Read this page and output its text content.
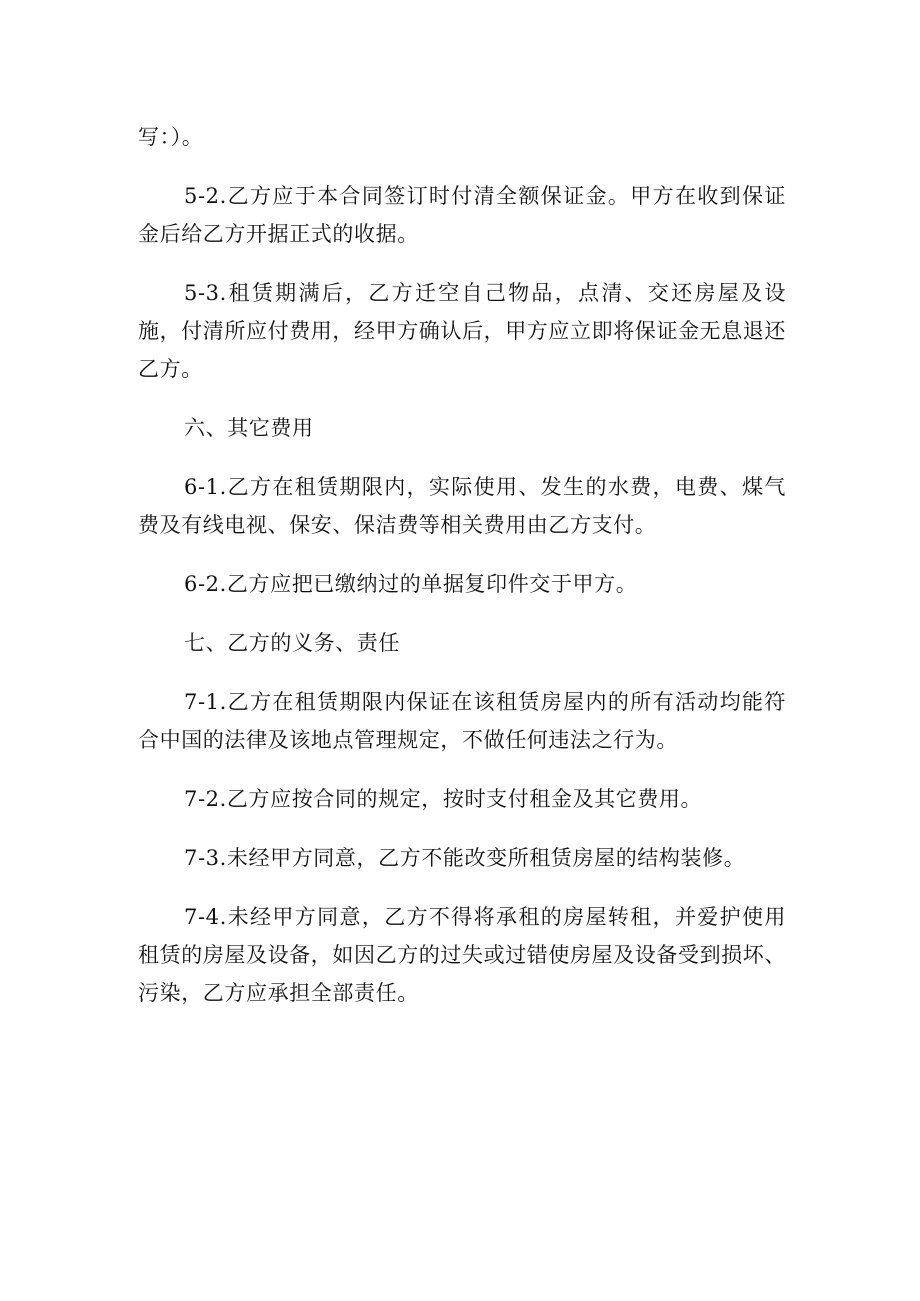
写：）。

5-2.乙方应于本合同签订时付清全额保证金。甲方在收到保证金后给乙方开据正式的收据。

5-3.租赁期满后，乙方迁空自己物品，点清、交还房屋及设施，付清所应付费用，经甲方确认后，甲方应立即将保证金无息退还乙方。

六、其它费用

6-1.乙方在租赁期限内，实际使用、发生的水费，电费、煤气费及有线电视、保安、保洁费等相关费用由乙方支付。

6-2.乙方应把已缴纳过的单据复印件交于甲方。

七、乙方的义务、责任

7-1.乙方在租赁期限内保证在该租赁房屋内的所有活动均能符合中国的法律及该地点管理规定，不做任何违法之行为。

7-2.乙方应按合同的规定，按时支付租金及其它费用。

7-3.未经甲方同意，乙方不能改变所租赁房屋的结构装修。

7-4.未经甲方同意，乙方不得将承租的房屋转租，并爱护使用租赁的房屋及设备，如因乙方的过失或过错使房屋及设备受到损坏、污染，乙方应承担全部责任。
